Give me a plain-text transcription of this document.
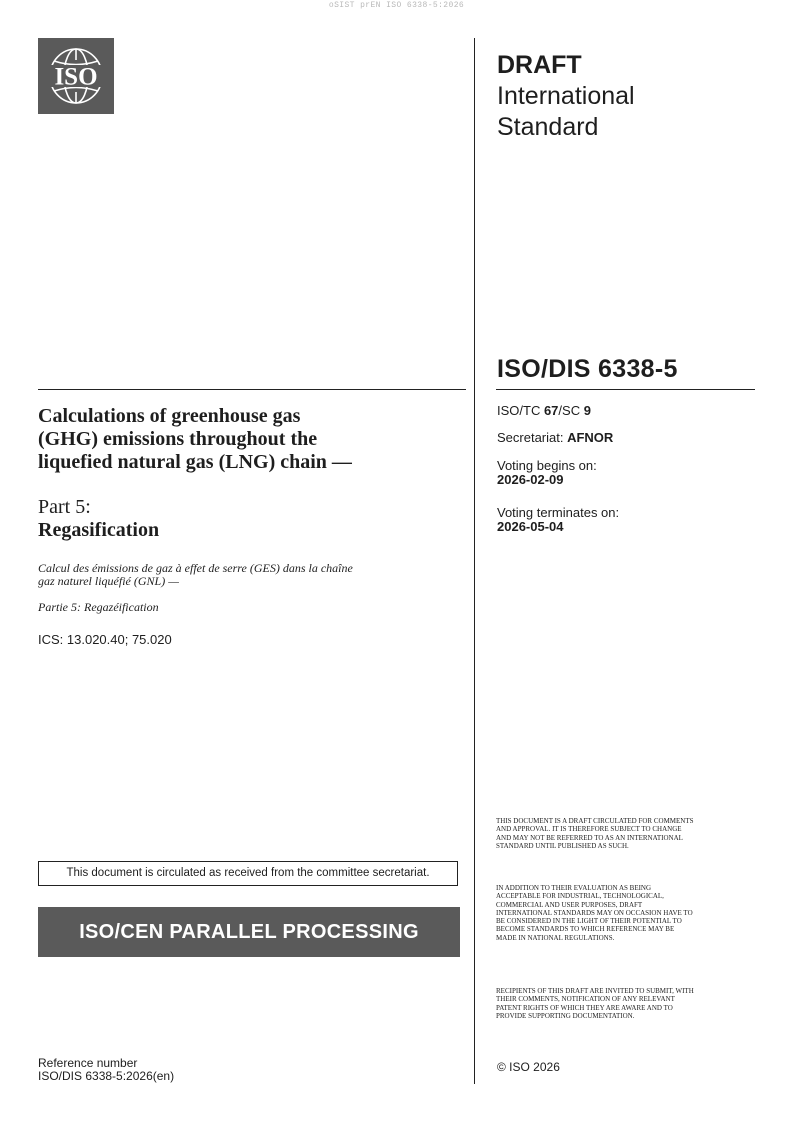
oSIST prEN ISO 6338-5:2026
ISO	DRAFT
International
Standard
ISO/DIS 6338-5
ISO/TC 67/SC 9
Secretariat: AFNOR
Voting begins on:
2026-02-09
Voting terminates on:
2026-05-04
Calculations of greenhouse gas
(GHG) emissions throughout the
liquefied natural gas (LNG) chain —
Part 5:
Regasification
Calcul des émissions de gaz à effet de serre (GES) dans la chaîne
gaz naturel liquéfié (GNL) —
Partie 5: Regazéification
ICS: 13.020.40; 75.020
This document is circulated as received from the committee secretariat.
ISO/CEN PARALLEL PROCESSING
THIS DOCUMENT IS A DRAFT CIRCULATED FOR COMMENTS AND APPROVAL. IT IS THEREFORE SUBJECT TO CHANGE AND MAY NOT BE REFERRED TO AS AN INTERNATIONAL STANDARD UNTIL PUBLISHED AS SUCH.
IN ADDITION TO THEIR EVALUATION AS BEING ACCEPTABLE FOR INDUSTRIAL, TECHNOLOGICAL, COMMERCIAL AND USER PURPOSES, DRAFT INTERNATIONAL STANDARDS MAY ON OCCASION HAVE TO BE CONSIDERED IN THE LIGHT OF THEIR POTENTIAL TO BECOME STANDARDS TO WHICH REFERENCE MAY BE MADE IN NATIONAL REGULATIONS.
RECIPIENTS OF THIS DRAFT ARE INVITED TO SUBMIT, WITH THEIR COMMENTS, NOTIFICATION OF ANY RELEVANT PATENT RIGHTS OF WHICH THEY ARE AWARE AND TO PROVIDE SUPPORTING DOCUMENTATION.
© ISO 2026
Reference number
ISO/DIS 6338-5:2026(en)
